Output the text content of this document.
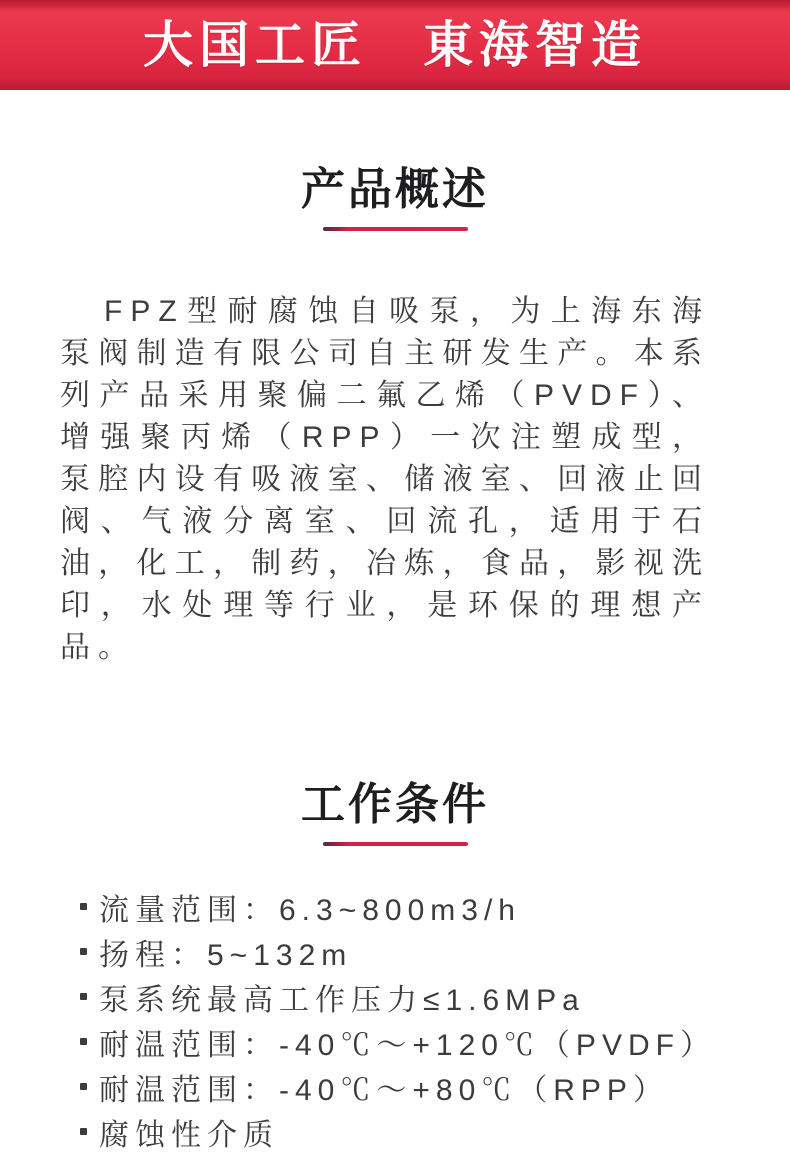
大国工匠　東海智造
产品概述

FPZ型耐腐蚀自吸泵，为上海东海泵阀制造有限公司自主研发生产。本系列产品采用聚偏二氟乙烯（PVDF）、增强聚丙烯（RPP）一次注塑成型，泵腔内设有吸液室、储液室、回液止回阀、气液分离室、回流孔，适用于石油，化工，制药，冶炼，食品，影视洗印，水处理等行业，是环保的理想产品。

工作条件
流量范围：6.3~800m3/h
扬程：5~132m
泵系统最高工作压力≤1.6MPa
耐温范围：-40℃～+120℃（PVDF）
耐温范围：-40℃～+80℃（RPP）
腐蚀性介质
